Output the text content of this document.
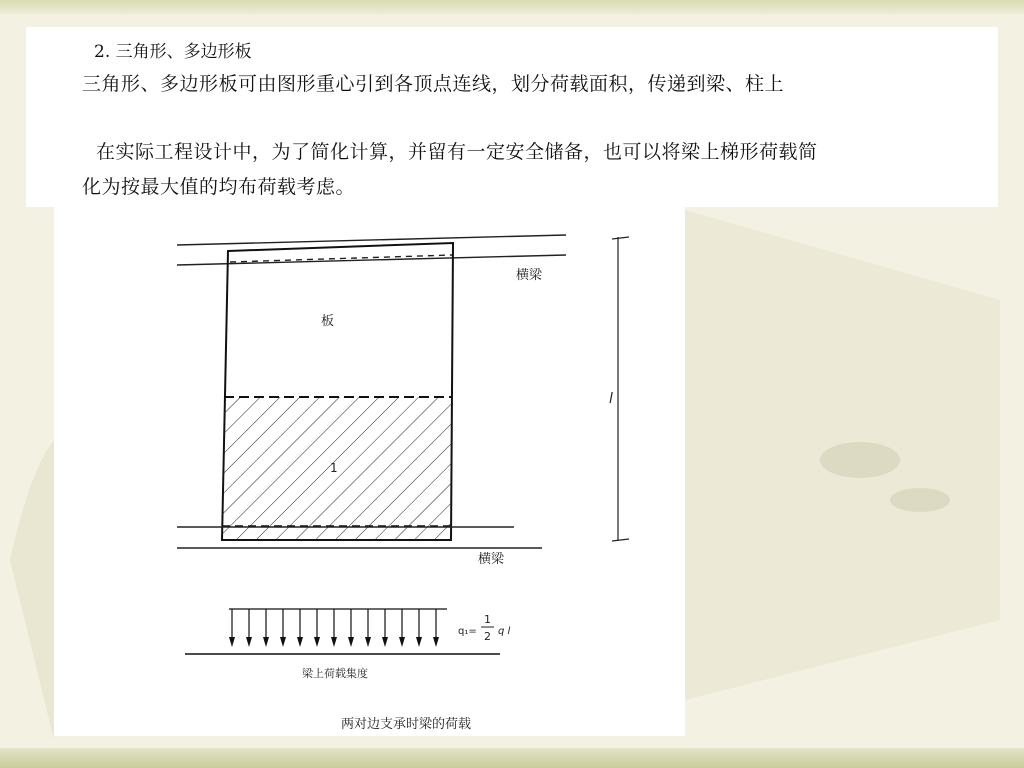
2. 三角形、多边形板
三角形、多边形板可由图形重心引到各顶点连线，划分荷载面积，传递到梁、柱上
在实际工程设计中，为了简化计算，并留有一定安全储备，也可以将梁上梯形荷载简
化为按最大值的均布荷载考虑。
横梁
板
1
l
横梁
q₁=
1
2 q l
梁上荷载集度
两对边支承时梁的荷载
